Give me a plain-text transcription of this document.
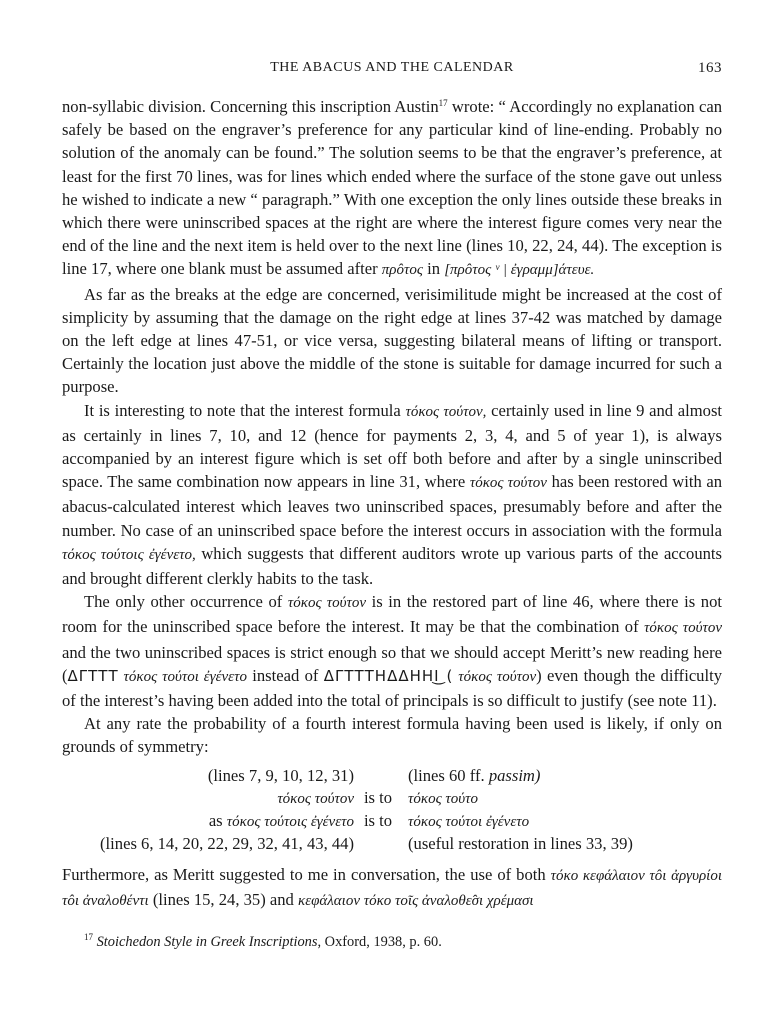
THE ABACUS AND THE CALENDAR	163

non-syllabic division. Concerning this inscription Austin$^{17}$ wrote: “ Accordingly no explanation can safely be based on the engraver’s preference for any particular kind of line-ending. Probably no solution of the anomaly can be found.” The solution seems to be that the engraver’s preference, at least for the first 70 lines, was for lines which ended where the surface of the stone gave out unless he wished to indicate a new “ paragraph.” With one exception the only lines outside these breaks in which there were uninscribed spaces at the right are where the interest figure comes very near the end of the line and the next item is held over to the next line (lines 10, 22, 24, 44). The exception is line 17, where one blank must be assumed after πρôτος in [πρôτος ᵛ | ἐγραμμ]άτευε.

As far as the breaks at the edge are concerned, verisimilitude might be increased at the cost of simplicity by assuming that the damage on the right edge at lines 37-42 was matched by damage on the left edge at lines 47-51, or vice versa, suggesting bilateral means of lifting or transport. Certainly the location just above the middle of the stone is suitable for damage incurred for such a purpose.

It is interesting to note that the interest formula τόκος τούτον, certainly used in line 9 and almost as certainly in lines 7, 10, and 12 (hence for payments 2, 3, 4, and 5 of year 1), is always accompanied by an interest figure which is set off both before and after by a single uninscribed space. The same combination now appears in line 31, where τόκος τούτον has been restored with an abacus-calculated interest which leaves two uninscribed spaces, presumably before and after the number. No case of an uninscribed space before the interest occurs in association with the formula τόκος τούτοις ἐγένετο, which suggests that different auditors wrote up various parts of the accounts and brought different clerkly habits to the task.

The only other occurrence of τόκος τούτον is in the restored part of line 46, where there is not room for the uninscribed space before the interest. It may be that the combination of τόκος τούτον and the two uninscribed spaces is strict enough so that we should accept Meritt’s new reading here (ΔΓΤΤΤ τόκος τούτοι ἐγένετο instead of ΔΓΤΤΤΗΔΔΗΗΙ͜ ( τόκος τούτον) even though the difficulty of the interest’s having been added into the total of principals is so difficult to justify (see note 11).

At any rate the probability of a fourth interest formula having been used is likely, if only on grounds of symmetry:

(lines 7, 9, 10, 12, 31)		(lines 60 ff. passim)
τόκος τούτον	is to	τόκος τούτο
as τόκος τούτοις ἐγένετο	is to	τόκος τούτοι ἐγένετο
(lines 6, 14, 20, 22, 29, 32, 41, 43, 44)		(useful restoration in lines 33, 39)

Furthermore, as Meritt suggested to me in conversation, the use of both τόκο κεφάλαιον τôι ἀργυρίοι τôι ἀναλοθέντι (lines 15, 24, 35) and κεφάλαιον τόκο τοῖς ἀναλοθε̂σι χρέμασι

$^{17}$ Stoichedon Style in Greek Inscriptions, Oxford, 1938, p. 60.
